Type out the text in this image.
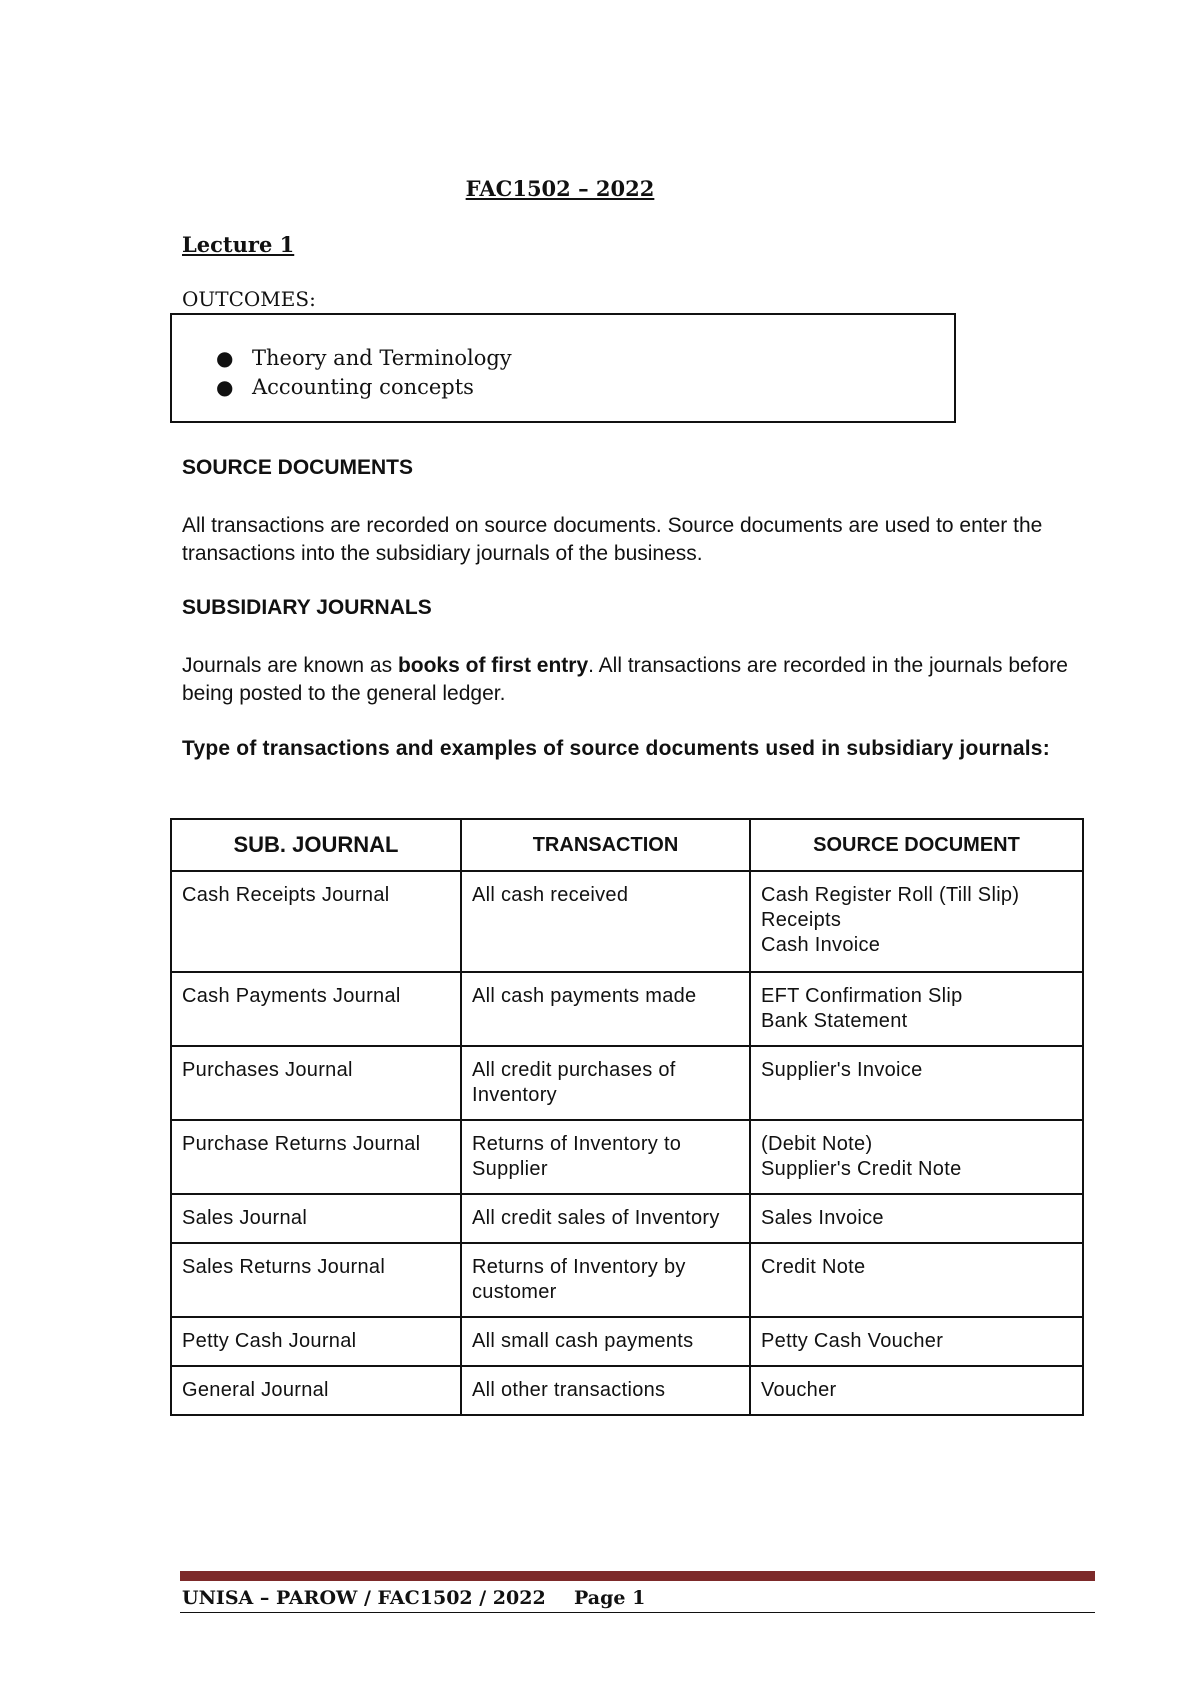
FAC1502 – 2022
Lecture 1
OUTCOMES:
● Theory and Terminology
● Accounting concepts
SOURCE DOCUMENTS
All transactions are recorded on source documents. Source documents are used to enter the transactions into the subsidiary journals of the business.
SUBSIDIARY JOURNALS
Journals are known as books of first entry. All transactions are recorded in the journals before being posted to the general ledger.
Type of transactions and examples of source documents used in subsidiary journals:
SUB. JOURNAL	TRANSACTION	SOURCE DOCUMENT
Cash Receipts Journal	All cash received	Cash Register Roll (Till Slip)
Receipts
Cash Invoice

Cash Payments Journal	All cash payments made	EFT Confirmation Slip
Bank Statement

Purchases Journal	All credit purchases of Inventory	Supplier's Invoice

Purchase Returns Journal	Returns of Inventory to Supplier	(Debit Note)
Supplier's Credit Note

Sales Journal	All credit sales of Inventory	Sales Invoice

Sales Returns Journal	Returns of Inventory by customer	Credit Note

Petty Cash Journal	All small cash payments	Petty Cash Voucher

General Journal	All other transactions	Voucher
UNISA – PAROW / FAC1502 / 2022 Page 1
